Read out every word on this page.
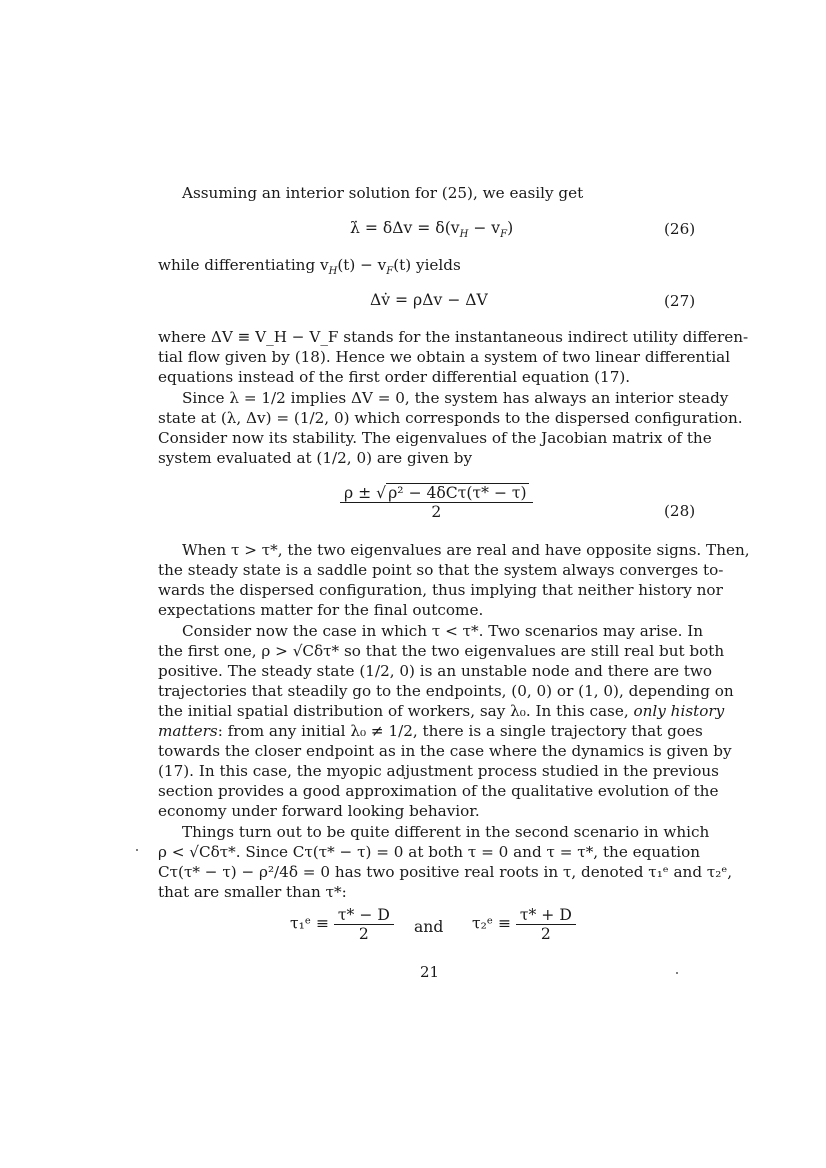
Assuming an interior solution for (25), we easily get
λ̇ = $\delta\Delta v = \delta(v_H - v_F)$	(26)
while differentiating $v_H(t) - v_F(t)$ yields
Δv̇ = ρΔv − ΔV	(27)
where ΔV ≡ V_H − V_F stands for the instantaneous indirect utility differen-
tial flow given by (18). Hence we obtain a system of two linear differential
equations instead of the first order differential equation (17).
Since λ = 1/2 implies ΔV = 0, the system has always an interior steady
state at (λ, Δv) = (1/2, 0) which corresponds to the dispersed configuration.
Consider now its stability. The eigenvalues of the Jacobian matrix of the
system evaluated at (1/2, 0) are given by
$\frac{\text{ρ ± √ ρ² − 4δCτ(τ* − τ)}}{2}$	(28)
When τ > τ*, the two eigenvalues are real and have opposite signs. Then,
the steady state is a saddle point so that the system always converges to-
wards the dispersed configuration, thus implying that neither history nor
expectations matter for the final outcome.
Consider now the case in which τ < τ*. Two scenarios may arise. In
the first one, ρ > √Cδτ* so that the two eigenvalues are still real but both
positive. The steady state (1/2, 0) is an unstable node and there are two
trajectories that steadily go to the endpoints, (0, 0) or (1, 0), depending on
the initial spatial distribution of workers, say λ₀. In this case, only history
matters: from any initial λ₀ ≠ 1/2, there is a single trajectory that goes
towards the closer endpoint as in the case where the dynamics is given by
(17). In this case, the myopic adjustment process studied in the previous
section provides a good approximation of the qualitative evolution of the
economy under forward looking behavior.
Things turn out to be quite different in the second scenario in which
ρ < √Cδτ*. Since Cτ(τ* − τ) = 0 at both τ = 0 and τ = τ*, the equation
Cτ(τ* − τ) − ρ²/4δ = 0 has two positive real roots in τ, denoted τ₁ᵉ and τ₂ᵉ,
that are smaller than τ*:
τ₁ᵉ ≡ $\frac{\tau* - D}{2}$ and τ₂ᵉ ≡ $\frac{\tau* + D}{2}$
21
